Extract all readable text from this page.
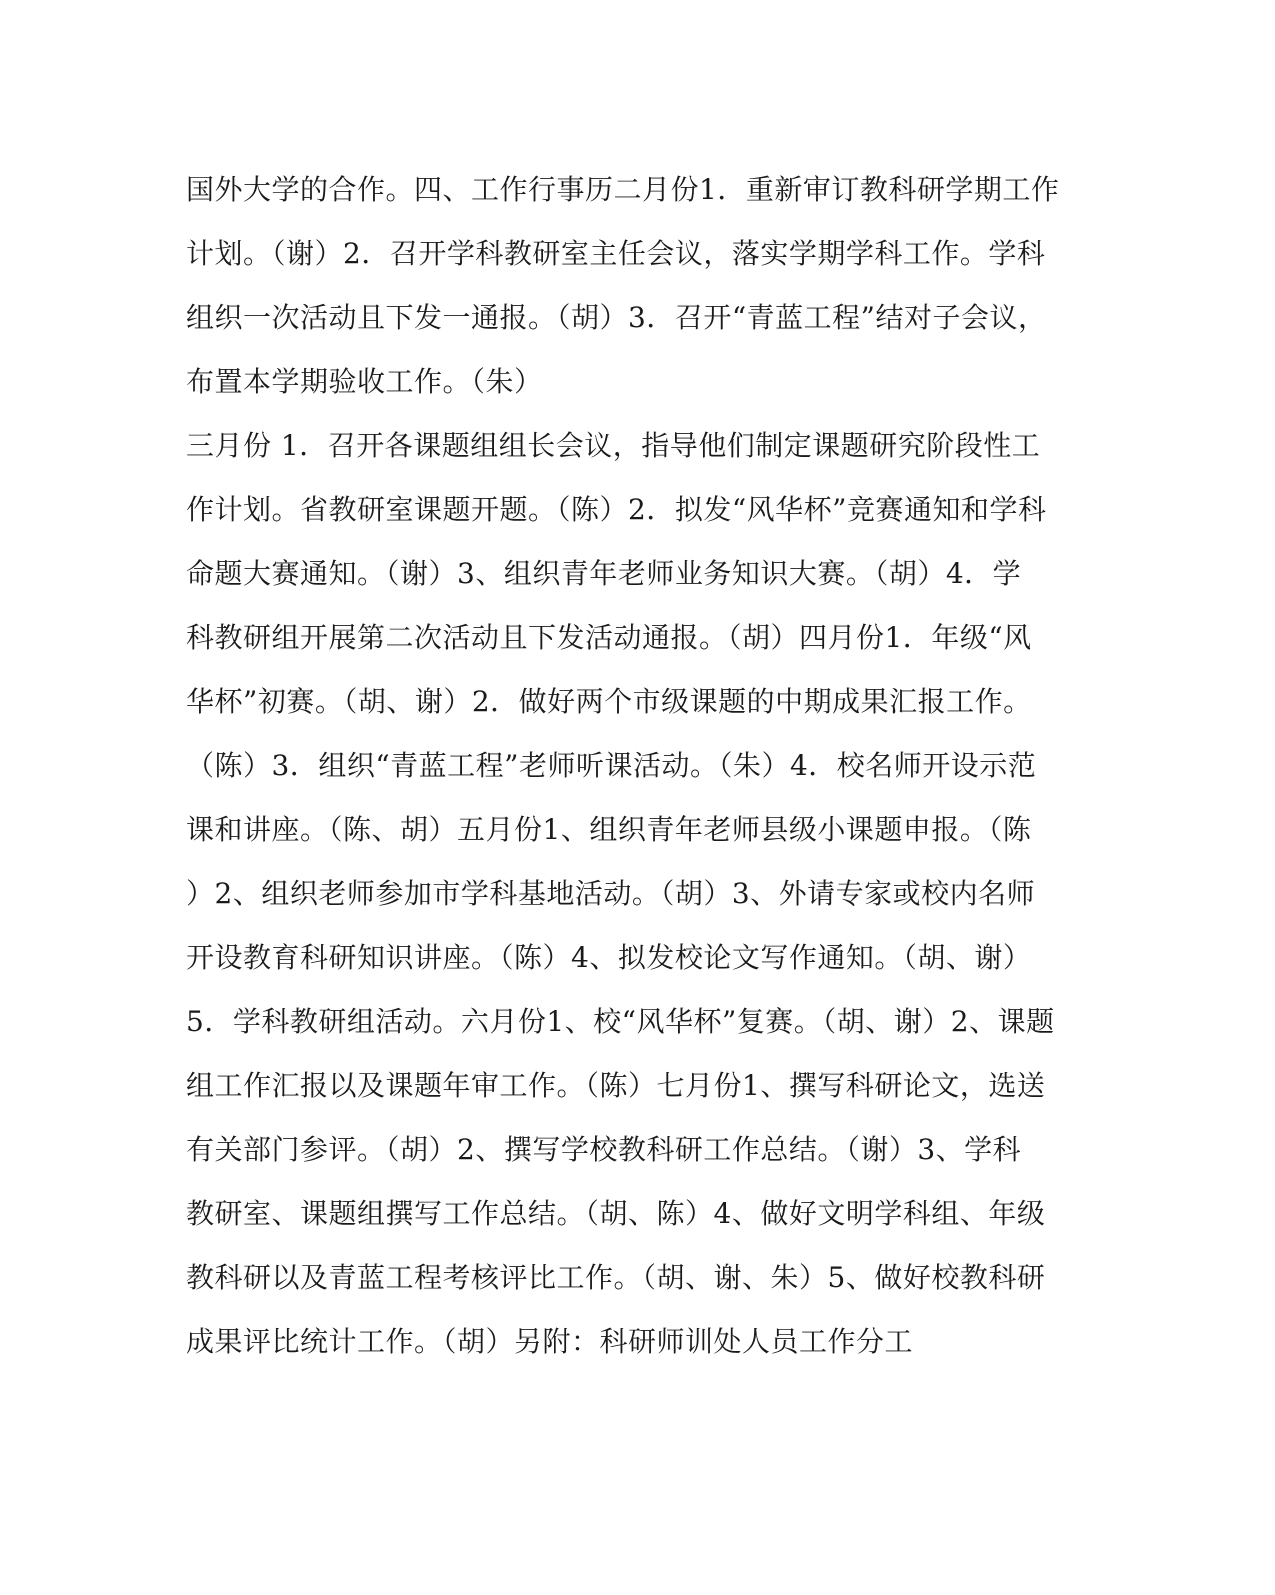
国外大学的合作。四、工作行事历二月份1．重新审订教科研学期工作
计划。（谢）2．召开学科教研室主任会议，落实学期学科工作。学科
组织一次活动且下发一通报。（胡）3．召开“青蓝工程”结对子会议，
布置本学期验收工作。（朱）
三月份 1．召开各课题组组长会议，指导他们制定课题研究阶段性工
作计划。省教研室课题开题。（陈）2．拟发“风华杯”竞赛通知和学科
命题大赛通知。（谢）3、组织青年老师业务知识大赛。（胡）4．学
科教研组开展第二次活动且下发活动通报。（胡）四月份1．年级“风
华杯”初赛。（胡、谢）2．做好两个市级课题的中期成果汇报工作。
（陈）3．组织“青蓝工程”老师听课活动。（朱）4．校名师开设示范
课和讲座。（陈、胡）五月份1、组织青年老师县级小课题申报。（陈
）2、组织老师参加市学科基地活动。（胡）3、外请专家或校内名师
开设教育科研知识讲座。（陈）4、拟发校论文写作通知。（胡、谢）
5．学科教研组活动。六月份1、校“风华杯”复赛。（胡、谢）2、课题
组工作汇报以及课题年审工作。（陈）七月份1、撰写科研论文，选送
有关部门参评。（胡）2、撰写学校教科研工作总结。（谢）3、学科
教研室、课题组撰写工作总结。（胡、陈）4、做好文明学科组、年级
教科研以及青蓝工程考核评比工作。（胡、谢、朱）5、做好校教科研
成果评比统计工作。（胡）另附：科研师训处人员工作分工
